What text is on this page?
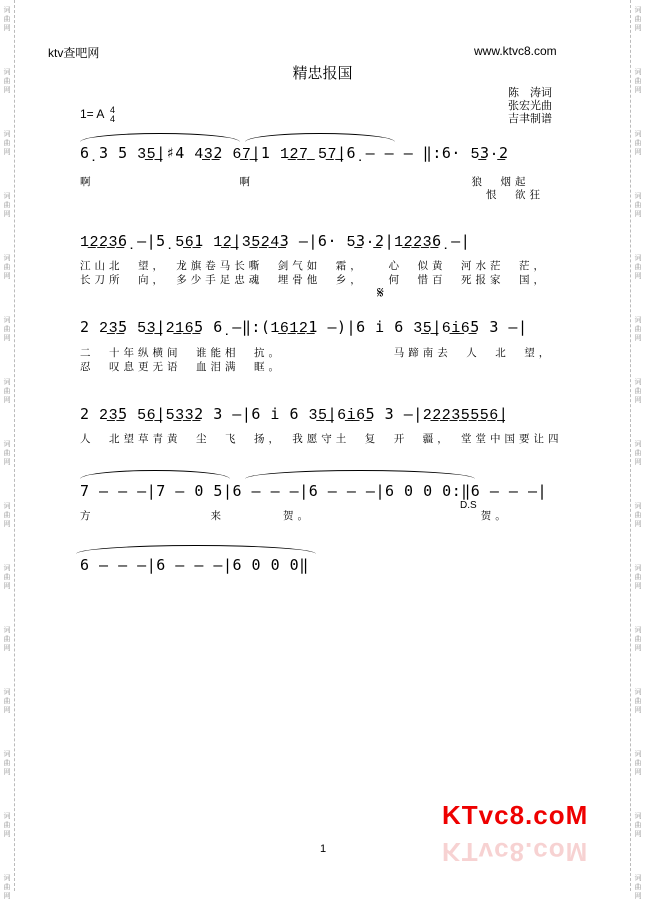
词
曲
网
词
曲
网
词
曲
网
词
曲
网
词
曲
网
词
曲
网
词
曲
网
词
曲
网
词
曲
网
词
曲
网
词
曲
网
词
曲
网
词
曲
网
词
曲
网
词
曲
网
词
曲
网
词
曲
网
词
曲
网
词
曲
网
词
曲
网
词
曲
网
词
曲
网
词
曲
网
词
曲
网
词
曲
网
词
曲
网
词
曲
网
词
曲
网
词
曲
网
词
曲
网
ktv查吧网	www.ktvc8.com
精忠报国
陈　涛词
张宏光曲
吉聿制谱
1= A 4
4
6̣ 3 5 3͟5͟|♯4 4͟3͟2 6͟7͟|1 1͟2͟7͟ 5͟7͟|6̣ — — — ‖:6· 5͟3·͟2
啊　　　　　　　　　　啊　　　　　　　　　　　　　　　狼　烟起
　　　　　　　　　　　　　　　　　　　　　　　　　　　　恨　欲狂
1͟2͟2͟3͟6̣ —|5̣ 5͟6͟1 1͟2͟|3͟5͟2͟4͟3 —|6· 5͟3·͟2|1͟2͟2͟3͟6̣ —|
江山北　望，　龙旗卷马长嘶　剑气如　霜，　　心　似黄　河水茫　茫，
长刀所　向，　多少手足忠魂　埋骨他　乡，　　何　惜百　死报家　国，
𝄋
2 2͟3͟5 5͟3͟|2͟1͟6͟5 6̣ —‖:(1͟6͟1͟2͟1 —)|6 i 6 3͟5͟|6͟i͟6͟5 3 —|
二　十年纵横间　谁能相　抗。　　　　　　　　马蹄南去　人　北　望，
忍　叹息更无语　血泪满　眶。
2 2͟3͟5 5͟6͟|5͟3͟3͟2 3 —|6 i 6 3͟5͟|6͟i͟6͟5 3 —|2͟2͟2͟3͟5͟5͟5͟6͟|
人　北望草青黄　尘　飞　扬，　我愿守土　复　开　疆，　堂堂中国要让四
7 — — —|7 — 0 5|6 — — —|6 — — —|6 0 0 0:‖6 — — —|
方　　　　　　　　来　　　　贺。　　　　　　　　　　　　贺。
D.S
6 — — —|6 — — —|6 0 0 0‖
KTvc8.coM
KTvc8.coM
1
